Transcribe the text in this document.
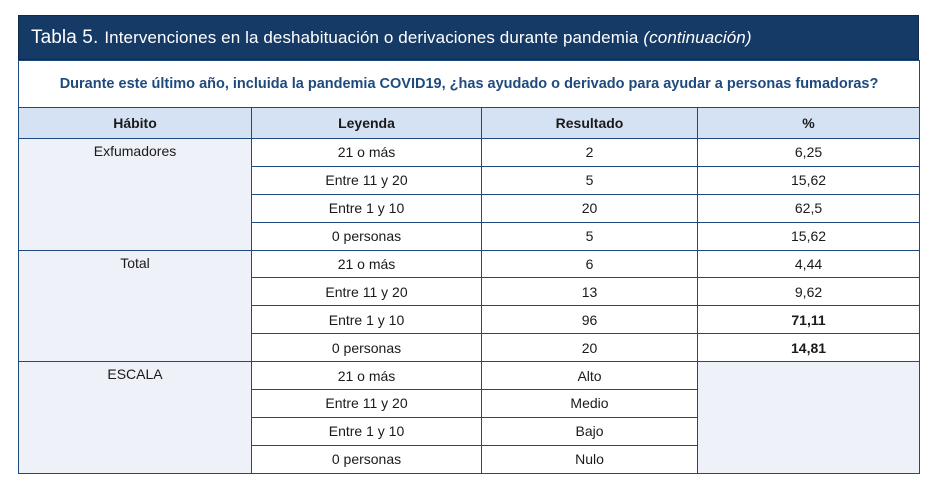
Tabla 5. Intervenciones en la deshabituación o derivaciones durante pandemia (continuación)
Durante este último año, incluida la pandemia COVID19, ¿has ayudado o derivado para ayudar a personas fumadoras?			
Hábito	Leyenda	Resultado	%
Exfumadores	21 o más	2	6,25
	Entre 11 y 20	5	15,62
	Entre 1 y 10	20	62,5
	0 personas	5	15,62
Total	21 o más	6	4,44
	Entre 11 y 20	13	9,62
	Entre 1 y 10	96	71,11
	0 personas	20	14,81
ESCALA	21 o más	Alto	
	Entre 11 y 20	Medio	
	Entre 1 y 10	Bajo	
	0 personas	Nulo	
